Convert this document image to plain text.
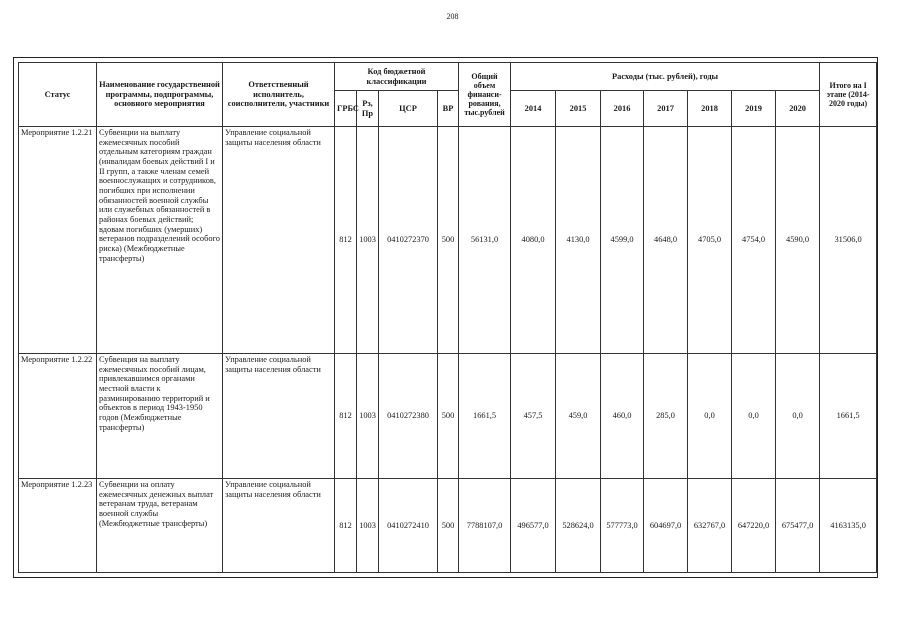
208
Статус	Наименование государственной программы, подпрограммы, основного мероприятия	Ответственный исполнитель, соисполнители, участники	Код бюджетной классификации				Общий объем финанси-рования, тыс.рублей	Расходы (тыс. рублей), годы							Итого на I этапе (2014-2020 годы)
			ГРБС	Рз, Пр	ЦСР	ВР		2014	2015	2016	2017	2018	2019	2020	
Мероприятие 1.2.21	Субвенции на выплату ежемесячных пособий отдельным категориям граждан (инвалидам боевых действий I и II групп, а также членам семей военнослужащих и сотрудников, погибших при исполнении обязанностей военной службы или служебных обязанностей в районах боевых действий; вдовам погибших (умерших) ветеранов подразделений особого риска) (Межбюджетные трансферты)	Управление социальной защиты населения области	812	1003	0410272370	500	56131,0	4080,0	4130,0	4599,0	4648,0	4705,0	4754,0	4590,0	31506,0
Мероприятие 1.2.22	Субвенция на выплату ежемесячных пособий лицам, привлекавшимся органами местной власти к разминированию территорий и объектов в период 1943-1950 годов (Межбюджетные трансферты)	Управление социальной защиты населения области	812	1003	0410272380	500	1661,5	457,5	459,0	460,0	285,0	0,0	0,0	0,0	1661,5
Мероприятие 1.2.23	Субвенции на оплату ежемесячных денежных выплат ветеранам труда, ветеранам военной службы (Межбюджетные трансферты)	Управление социальной защиты населения области	812	1003	0410272410	500	7788107,0	496577,0	528624,0	577773,0	604697,0	632767,0	647220,0	675477,0	4163135,0
